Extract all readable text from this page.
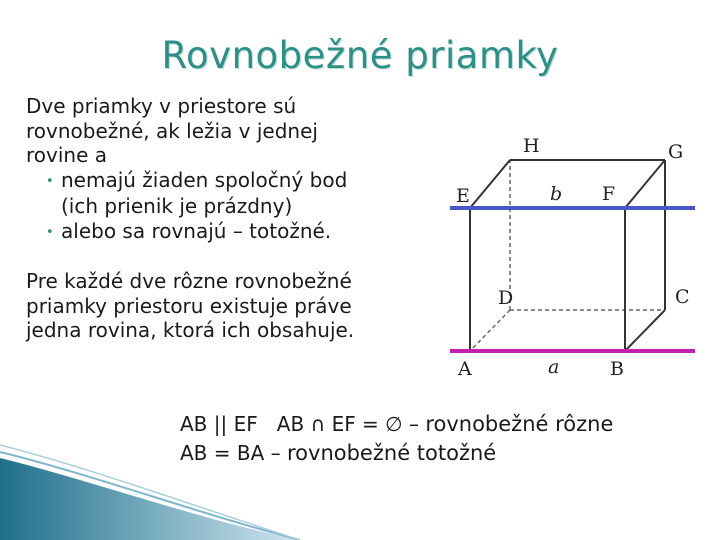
Rovnobežné priamky

Dve priamky v priestore sú

rovnobežné, ak ležia v jednej

rovine a

• nemajú žiaden spoločný bod

(ich prienik je prázdny)

• alebo sa rovnajú – totožné.

Pre každé dve rôzne rovnobežné

priamky priestoru existuje práve

jedna rovina, ktorá ich obsahuje.

H	G
E	F
b
D	C
A	a	B
AB || EF   AB ∩ EF = ∅ – rovnobežné rôzne
AB = BA – rovnobežné totožné
